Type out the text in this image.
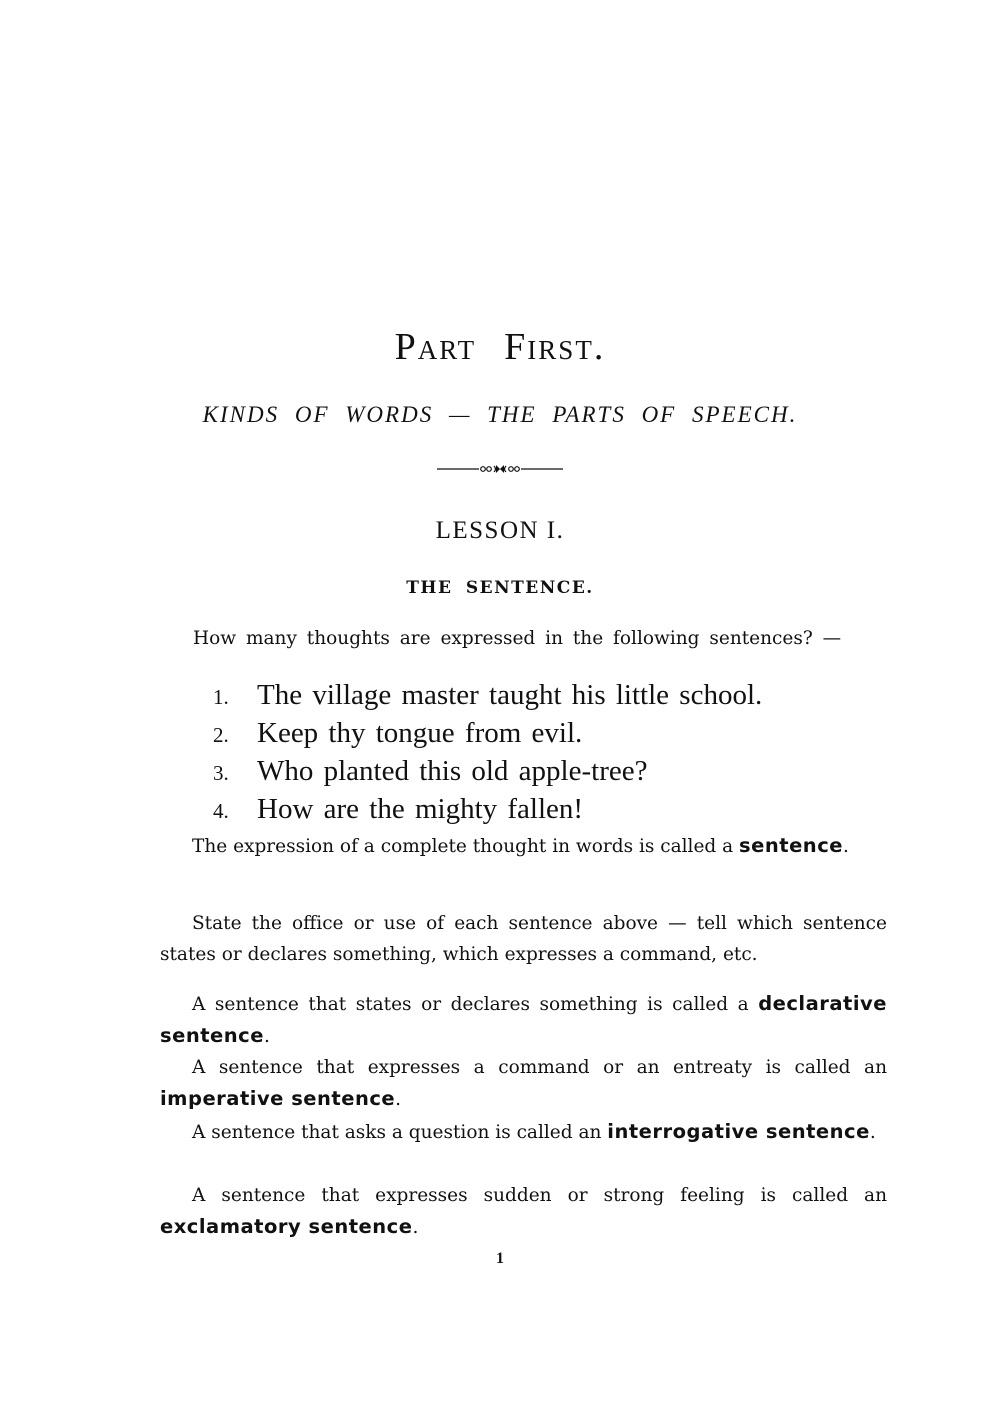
Part First.
KINDS OF WORDS — THE PARTS OF SPEECH.
LESSON I.
THE SENTENCE.
How many thoughts are expressed in the following sentences? —
1. The village master taught his little school.
2. Keep thy tongue from evil.
3. Who planted this old apple-tree?
4. How are the mighty fallen!

The expression of a complete thought in words is called a sentence.

State the office or use of each sentence above — tell which sentence states or declares something, which expresses a command, etc.

A sentence that states or declares something is called a declarative sentence.

A sentence that expresses a command or an entreaty is called an imperative sentence.

A sentence that asks a question is called an interrogative sentence.

A sentence that expresses sudden or strong feeling is called an exclamatory sentence.

1
